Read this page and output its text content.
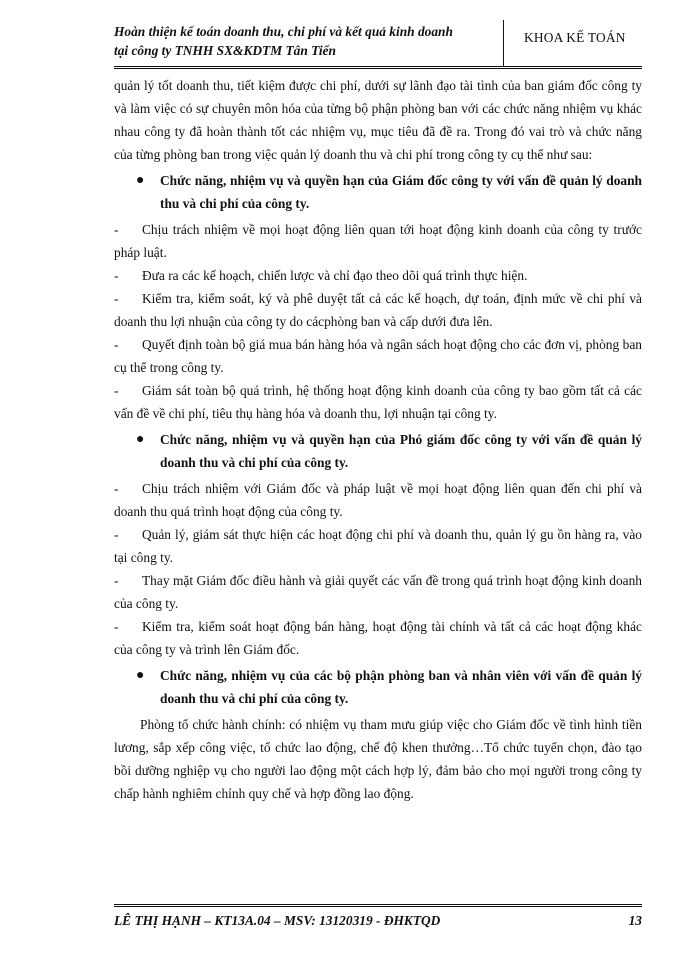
Hoàn thiện kế toán doanh thu, chi phí và kết quả kinh doanh
tại công ty TNHH SX&KDTM Tân Tiến
KHOA KẾ TOÁN

quản lý tốt doanh thu, tiết kiệm được chi phí, dưới sự lãnh đạo tài tình của ban giám đốc công ty và làm việc có sự chuyên môn hóa của từng bộ phận phòng ban với các chức năng nhiệm vụ khác nhau công ty đã hoàn thành tốt các nhiệm vụ, mục tiêu đã đề ra. Trong đó vai trò và chức năng của từng phòng ban trong việc quản lý doanh thu và chi phí trong công ty cụ thể như sau:

● Chức năng, nhiệm vụ và quyền hạn của Giám đốc công ty với vấn đề quản lý doanh thu và chi phí của công ty.

- Chịu trách nhiệm về mọi hoạt động liên quan tới hoạt động kinh doanh của công ty trước pháp luật.

- Đưa ra các kế hoạch, chiến lược và chỉ đạo theo dõi quá trình thực hiện.

- Kiểm tra, kiểm soát, ký và phê duyệt tất cả các kế hoạch, dự toán, định mức về chi phí và doanh thu lợi nhuận của công ty do cácphòng ban và cấp dưới đưa lên.

- Quyết định toàn bộ giá mua bán hàng hóa và ngân sách hoạt động cho các đơn vị, phòng ban cụ thể trong công ty.

- Giám sát toàn bộ quá trình, hệ thống hoạt động kinh doanh của công ty bao gồm tất cả các vấn đề về chi phí, tiêu thụ hàng hóa và doanh thu, lợi nhuận tại công ty.

● Chức năng, nhiệm vụ và quyền hạn của Phó giám đốc công ty với vấn đề quản lý doanh thu và chi phí của công ty.

- Chịu trách nhiệm với Giám đốc và pháp luật về mọi hoạt động liên quan đến chi phí và doanh thu quá trình hoạt động của công ty.

- Quản lý, giám sát thực hiện các hoạt động chi phí và doanh thu, quản lý gu ồn hàng ra, vào tại công ty.

- Thay mặt Giám đốc điều hành và giải quyết các vấn đề trong quá trình hoạt động kinh doanh của công ty.

- Kiểm tra, kiểm soát hoạt động bán hàng, hoạt động tài chính và tất cả các hoạt động khác của công ty và trình lên Giám đốc.

● Chức năng, nhiệm vụ của các bộ phận phòng ban và nhân viên với vấn đề quản lý doanh thu và chi phí của công ty.

Phòng tổ chức hành chính: có nhiệm vụ tham mưu giúp việc cho Giám đốc về tình hình tiền lương, sắp xếp công việc, tổ chức lao động, chế độ khen thưởng…Tổ chức tuyển chọn, đào tạo bồi dưỡng nghiệp vụ cho người lao động một cách hợp lý, đảm bảo cho mọi người trong công ty chấp hành nghiêm chỉnh quy chế và hợp đồng lao động.

LÊ THỊ HẠNH – KT13A.04 – MSV: 13120319 - ĐHKTQD	13
